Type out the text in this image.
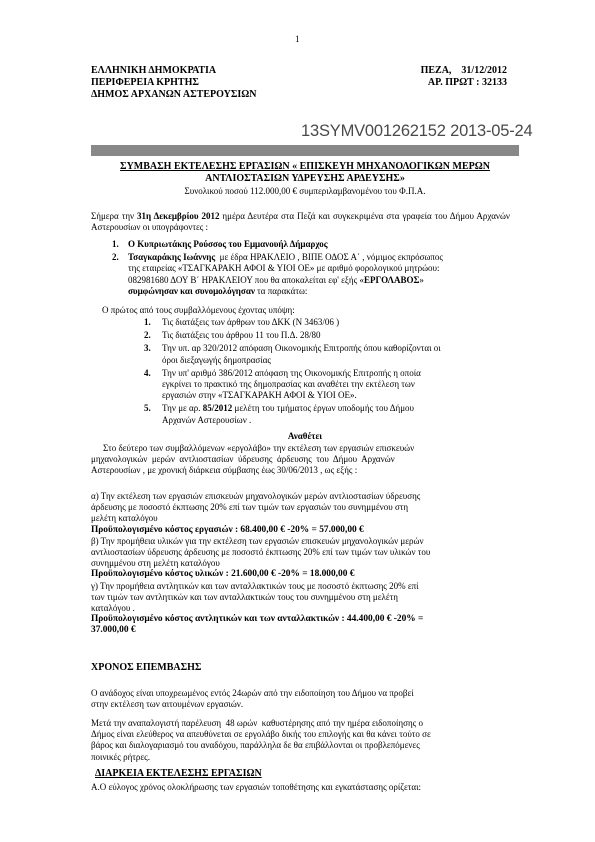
1
ΕΛΛΗΝΙΚΗ ΔΗΜΟΚΡΑΤΙΑ
ΠΕΡΙΦΕΡΕΙΑ ΚΡΗΤΗΣ
ΔΗΜΟΣ ΑΡΧΑΝΩΝ ΑΣΤΕΡΟΥΣΙΩΝ
ΠΕΖΑ,    31/12/2012
ΑΡ. ΠΡΩΤ : 32133
13SYMV001262152 2013-05-24
ΣΥΜΒΑΣΗ ΕΚΤΕΛΕΣΗΣ ΕΡΓΑΣΙΩΝ « ΕΠΙΣΚΕΥΗ ΜΗΧΑΝΟΛΟΓΙΚΩΝ ΜΕΡΩΝ
ΑΝΤΛΙΟΣΤΑΣΙΩΝ ΥΔΡΕΥΣΗΣ ΑΡΔΕΥΣΗΣ»
Συνολικού ποσού 112.000,00 € συμπεριλαμβανομένου του Φ.Π.Α.
Σήμερα την 31η Δεκεμβρίου 2012 ημέρα Δευτέρα στα Πεζά και συγκεκριμένα στα γραφεία του Δήμου Αρχανών Αστερουσίων οι υπογράφοντες :
1. Ο Κυπριωτάκης Ρούσσος του Εμμανουήλ Δήμαρχος
2. Τσαγκαράκης Ιωάννης με έδρα ΗΡΑΚΛΕΙΟ , ΒΙΠΕ ΟΔΟΣ Α΄ , νόμιμος εκπρόσωπος
της εταιρείας «ΤΣΑΓΚΑΡΑΚΗ ΑΦΟΙ & ΥΙΟΙ ΟΕ» με αριθμό φορολογικού μητρώου:
082981680 ΔΟΥ Β΄ ΗΡΑΚΛΕΙΟΥ που θα αποκαλείται εφ' εξής «ΕΡΓΟΛΑΒΟΣ»
συμφώνησαν και συνομολόγησαν τα παρακάτω:
Ο πρώτος από τους συμβαλλόμενους έχοντας υπόψη:
1. Τις διατάξεις των άρθρων του ΔΚΚ (Ν 3463/06 )
2. Τις διατάξεις του άρθρου 11 του Π.Δ. 28/80
3. Την υπ. αρ 320/2012 απόφαση Οικονομικής Επιτροπής όπου καθορίζονται οι
όροι διεξαγωγής δημοπρασίας
4. Την υπ' αριθμό 386/2012 απόφαση της Οικονομικής Επιτροπής η οποία
εγκρίνει το πρακτικό της δημοπρασίας και αναθέτει την εκτέλεση των
εργασιών στην «ΤΣΑΓΚΑΡΑΚΗ ΑΦΟΙ & ΥΙΟΙ ΟΕ».
5. Την με αρ. 85/2012 μελέτη του τμήματος έργων υποδομής του Δήμου
Αρχανών Αστερουσίων .
Αναθέτει
Στο δεύτερο των συμβαλλόμενων «εργολάβο» την εκτέλεση των εργασιών επισκευών
μηχανολογικών  μερών  αντλιοστασίων  ύδρευσης  άρδευσης  του  Δήμου  Αρχανών
Αστερουσίων , με χρονική διάρκεια σύμβασης έως 30/06/2013 , ως εξής :
α) Την εκτέλεση των εργασιών επισκευών μηχανολογικών μερών αντλιοστασίων ύδρευσης
άρδευσης με ποσοστό έκπτωσης 20% επί των τιμών των εργασιών του συνημμένου στη
μελέτη καταλόγου
Προϋπολογισμένο κόστος εργασιών : 68.400,00 € -20% = 57.000,00 €
β) Την προμήθεια υλικών για την εκτέλεση των εργασιών επισκευών μηχανολογικών μερών
αντλιοστασίων ύδρευσης άρδευσης με ποσοστό έκπτωσης 20% επί των τιμών των υλικών του
συνημμένου στη μελέτη καταλόγου
Προϋπολογισμένο κόστος υλικών : 21.600,00 € -20% = 18.000,00 €
γ) Την προμήθεια αντλητικών και των ανταλλακτικών τους με ποσοστό έκπτωσης 20% επί
των τιμών των αντλητικών και των ανταλλακτικών τους του συνημμένου στη μελέτη
καταλόγου .
Προϋπολογισμένο κόστος αντλητικών και των ανταλλακτικών : 44.400,00 € -20% =
37.000,00 €
ΧΡΟΝΟΣ ΕΠΕΜΒΑΣΗΣ
Ο ανάδοχος είναι υποχρεωμένος εντός 24ωρών από την ειδοποίηση του Δήμου να προβεί
στην εκτέλεση των αιτουμένων εργασιών.
Μετά την αναπαλογιστή παρέλευση  48 ωρών  καθυστέρησης από την ημέρα ειδοποίησης ο
Δήμος είναι ελεύθερος να απευθύνεται σε εργολάβο δικής του επιλογής και θα κάνει τούτο σε
βάρος και διαλογαριασμό του αναδόχου, παράλληλα δε θα επιβάλλονται οι προβλεπόμενες
ποινικές ρήτρες.
ΔΙΑΡΚΕΙΑ ΕΚΤΕΛΕΣΗΣ ΕΡΓΑΣΙΩΝ
Α.Ο εύλογος χρόνος ολοκλήρωσης των εργασιών τοποθέτησης και εγκατάστασης ορίζεται:
